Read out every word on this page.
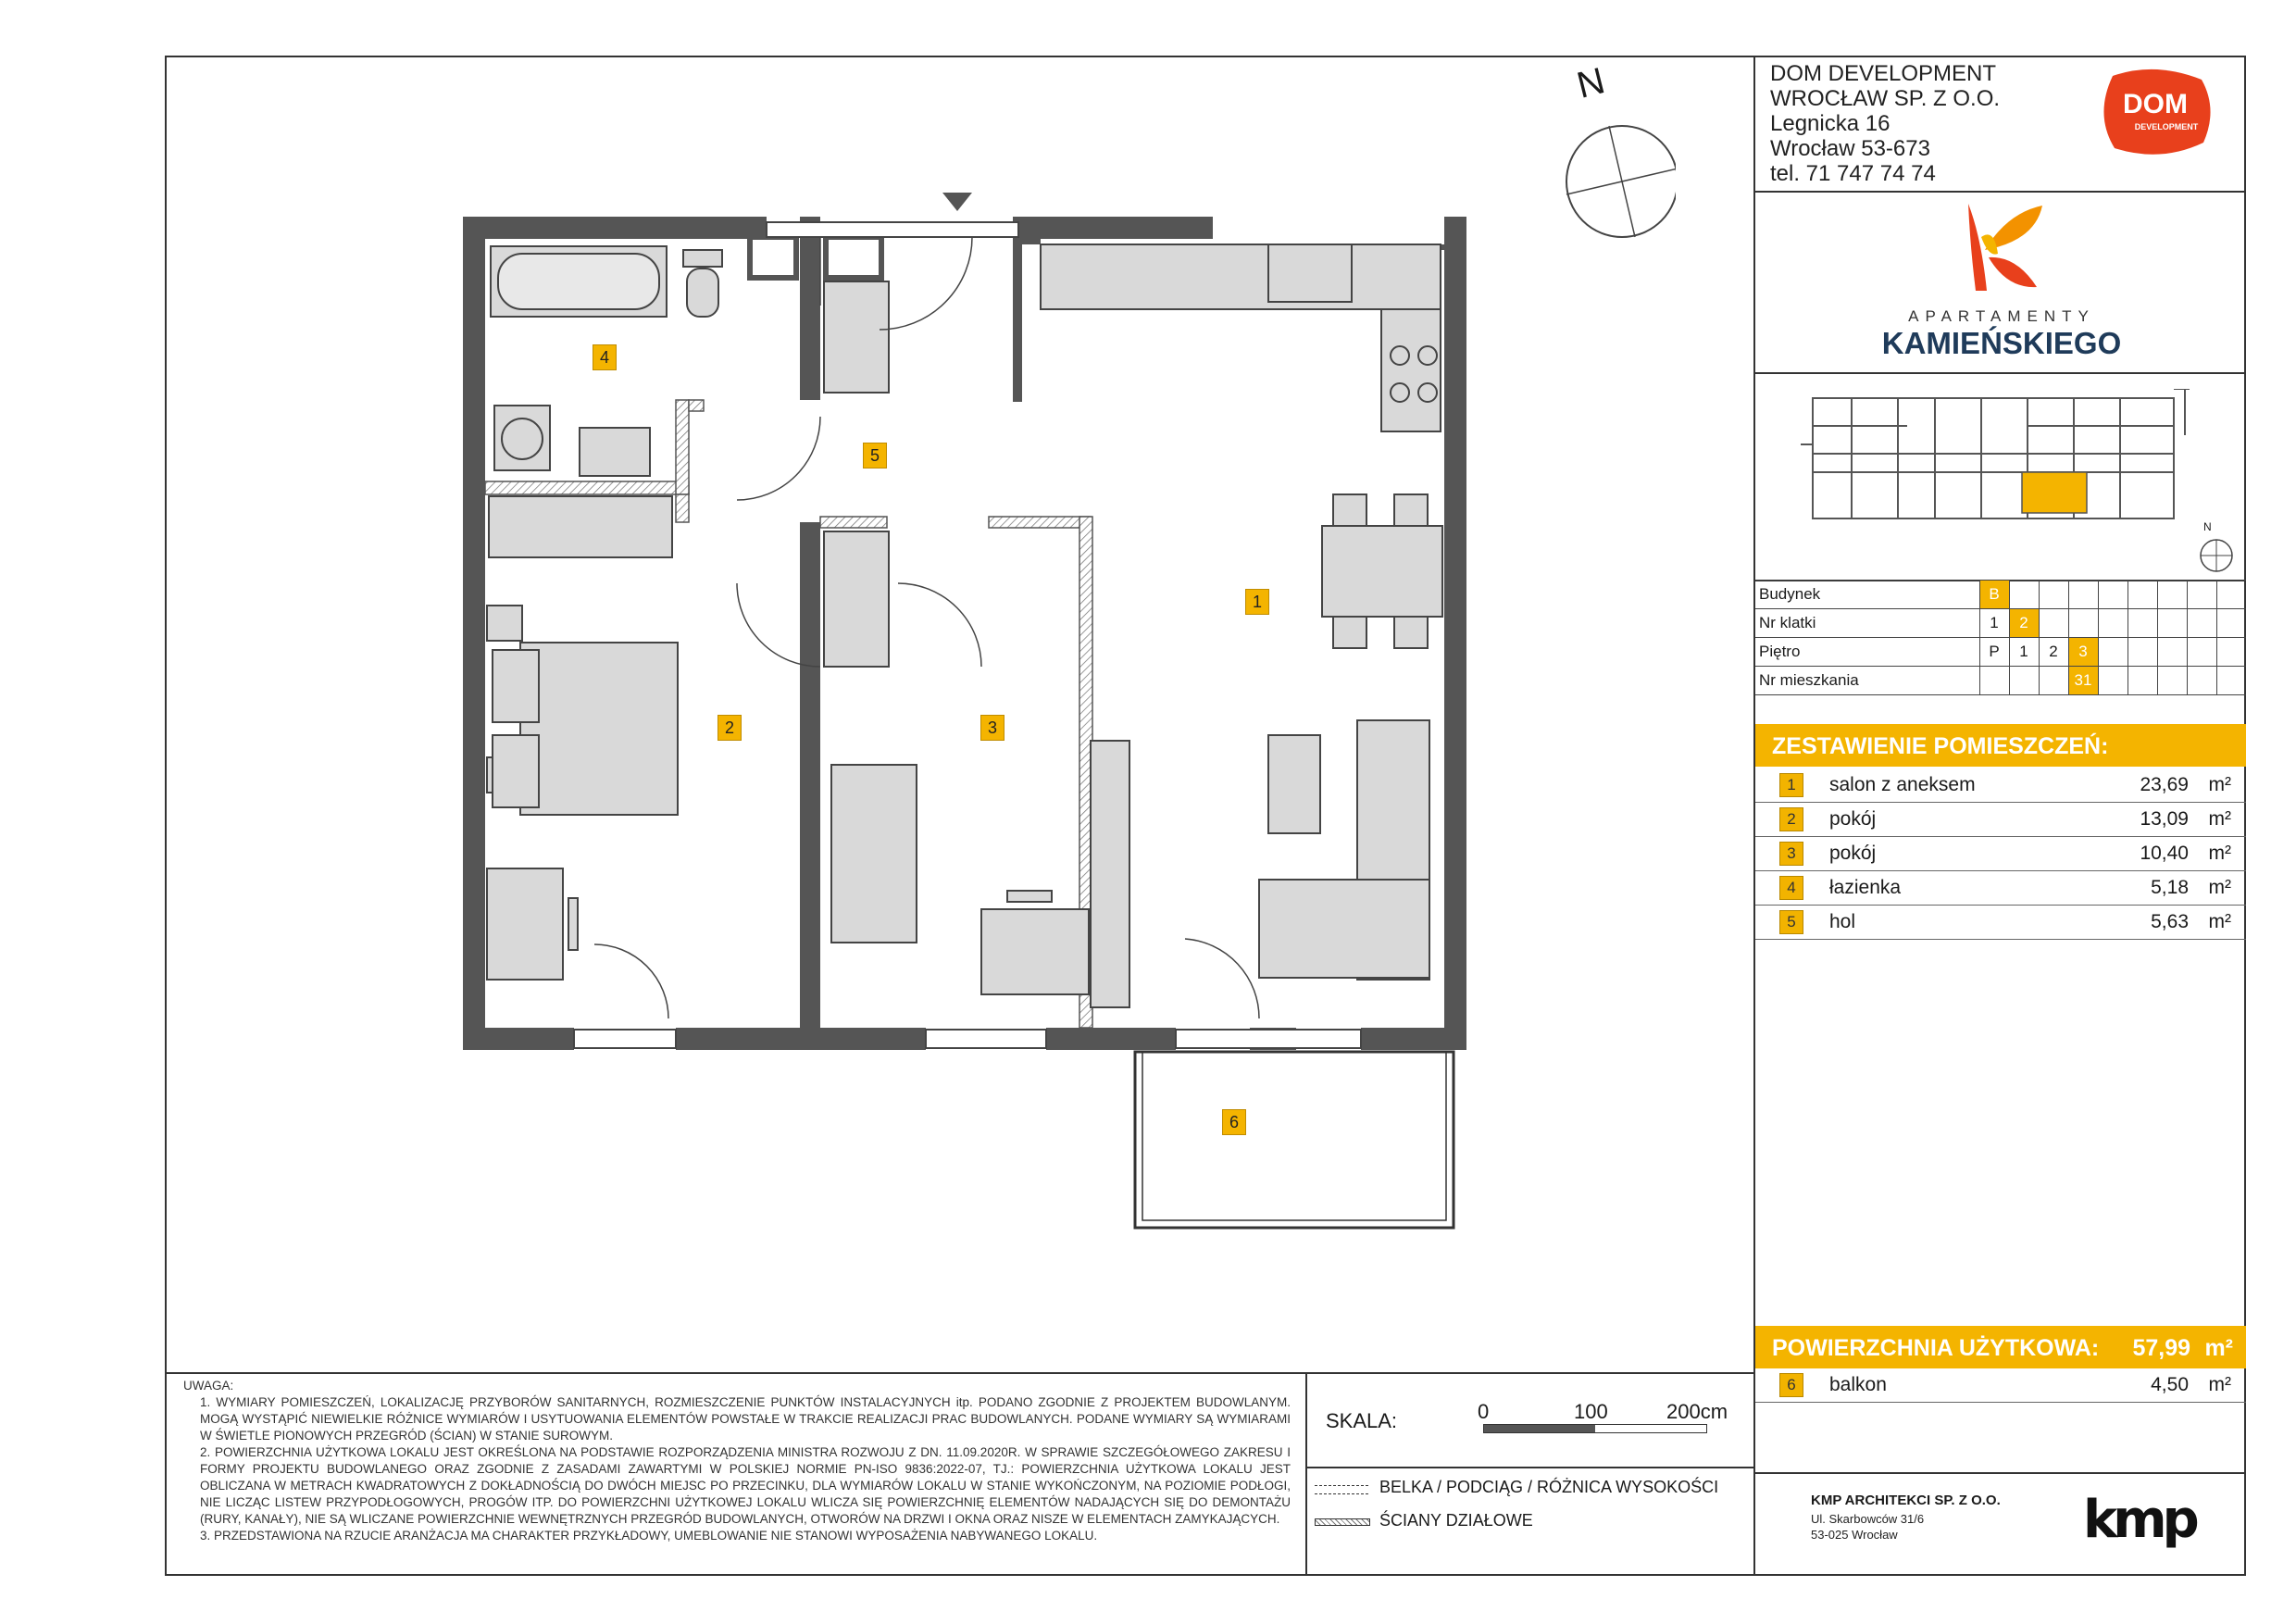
DOM DEVELOPMENT
WROCŁAW SP. Z O.O.
Legnicka 16
Wrocław 53-673
tel. 71 747 74 74
DOM
DEVELOPMENT
APARTAMENTY
KAMIEŃSKIEGO
N
Budynek	B								
Nr klatki	1	2							
Piętro	P	1	2	3					
Nr mieszkania				31					
ZESTAWIENIE POMIESZCZEŃ:
1	salon z aneksem	23,69 m²
2	pokój	13,09 m²
3	pokój	10,40 m²
4	łazienka	5,18 m²
5	hol	5,63 m²
POWIERZCHNIA UŻYTKOWA: 57,99 m²
6	balkon	4,50 m²
KMP ARCHITEKCI SP. Z O.O.
Ul. Skarbowców 31/6
53-025 Wrocław	kmp
UWAGA:
1. WYMIARY POMIESZCZEŃ, LOKALIZACJĘ PRZYBORÓW SANITARNYCH, ROZMIESZCZENIE PUNKTÓW INSTALACYJNYCH itp. PODANO ZGODNIE Z PROJEKTEM BUDOWLANYM. MOGĄ WYSTĄPIĆ NIEWIELKIE RÓŻNICE WYMIARÓW I USYTUOWANIA ELEMENTÓW POWSTAŁE W TRAKCIE REALIZACJI PRAC BUDOWLANYCH. PODANE WYMIARY SĄ WYMIARAMI W ŚWIETLE PIONOWYCH PRZEGRÓD (ŚCIAN) W STANIE SUROWYM.
2. POWIERZCHNIA UŻYTKOWA LOKALU JEST OKREŚLONA NA PODSTAWIE ROZPORZĄDZENIA MINISTRA ROZWOJU Z DN. 11.09.2020R. W SPRAWIE SZCZEGÓŁOWEGO ZAKRESU I FORMY PROJEKTU BUDOWLANEGO ORAZ ZGODNIE Z ZASADAMI ZAWARTYMI W POLSKIEJ NORMIE PN-ISO 9836:2022-07, TJ.: POWIERZCHNIA UŻYTKOWA LOKALU JEST OBLICZANA W METRACH KWADRATOWYCH Z DOKŁADNOŚCIĄ DO DWÓCH MIEJSC PO PRZECINKU, DLA WYMIARÓW LOKALU W STANIE WYKOŃCZONYM, NA POZIOMIE PODŁOGI, NIE LICZĄC LISTEW PRZYPODŁOGOWYCH, PROGÓW ITP. DO POWIERZCHNI UŻYTKOWEJ LOKALU WLICZA SIĘ POWIERZCHNIĘ ELEMENTÓW NADAJĄCYCH SIĘ DO DEMONTAŻU (RURY, KANAŁY), NIE SĄ WLICZANE POWIERZCHNIE WEWNĘTRZNYCH PRZEGRÓD BUDOWLANYCH, OTWORÓW NA DRZWI I OKNA ORAZ NISZE W ELEMENTACH ZAMYKAJĄCYCH.
3. PRZEDSTAWIONA NA RZUCIE ARANŻACJA MA CHARAKTER PRZYKŁADOWY, UMEBLOWANIE NIE STANOWI WYPOSAŻENIA NABYWANEGO LOKALU.
SKALA:	0	100	200cm
BELKA / PODCIĄG / RÓŻNICA WYSOKOŚCI
ŚCIANY DZIAŁOWE
N
1
2	3
4
5
6
